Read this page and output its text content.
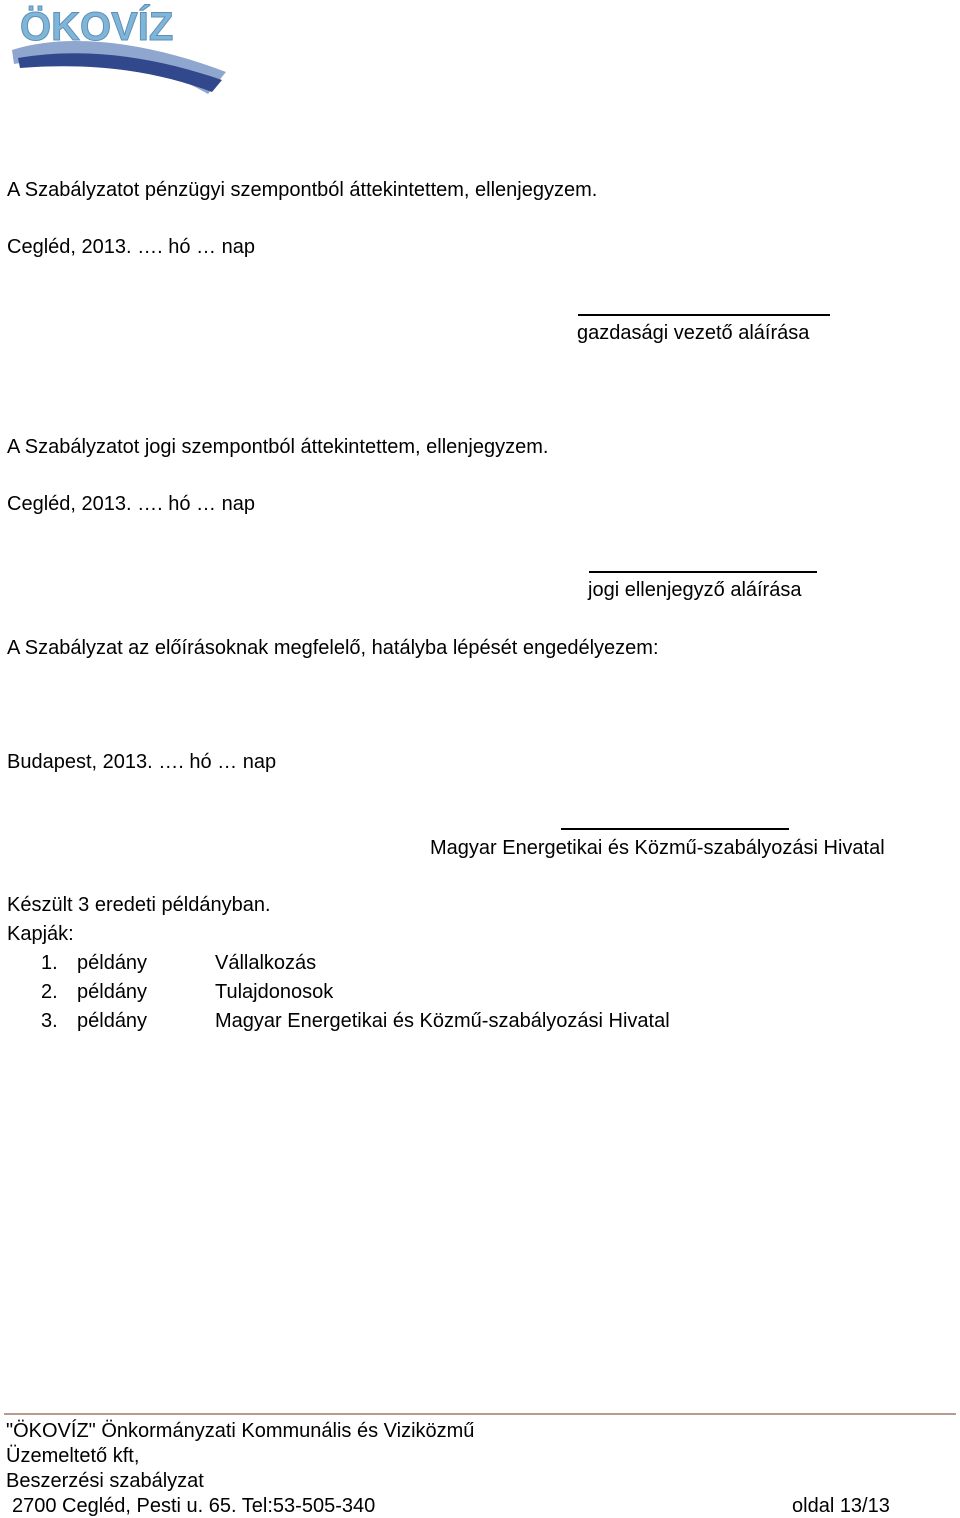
ÖKOVÍZ
A Szabályzatot pénzügyi szempontból áttekintettem, ellenjegyzem.
Cegléd, 2013. …. hó … nap
gazdasági vezető aláírása
A Szabályzatot jogi szempontból áttekintettem, ellenjegyzem.
Cegléd, 2013. …. hó … nap
jogi ellenjegyző aláírása
A Szabályzat az előírásoknak megfelelő, hatályba lépését engedélyezem:
Budapest, 2013. …. hó … nap
Magyar Energetikai és Közmű-szabályozási Hivatal
Készült 3 eredeti példányban.
Kapják:
1. példány	Vállalkozás
2. példány	Tulajdonosok
3. példány	Magyar Energetikai és Közmű-szabályozási Hivatal
"ÖKOVÍZ" Önkormányzati Kommunális és Viziközmű
Üzemeltető kft,
Beszerzési szabályzat
2700 Cegléd, Pesti u. 65. Tel:53-505-340	oldal 13/13
